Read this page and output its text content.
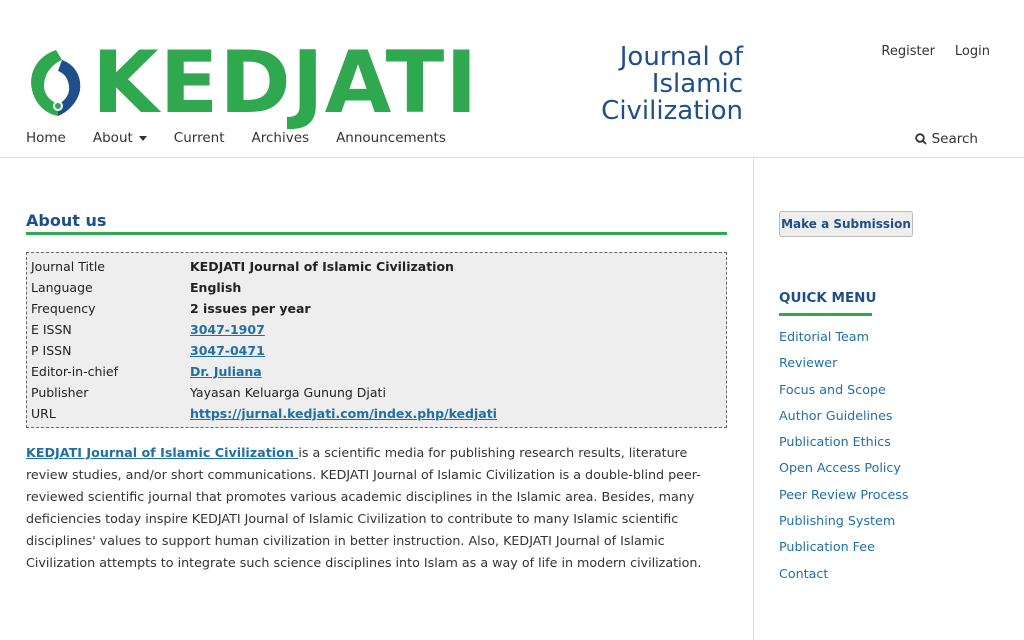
KEDJATI	Journal of
Islamic
Civilization
Register Login
Home About	Current Archives Announcements	Search
About us
Journal Title	KEDJATI Journal of Islamic Civilization
Language	English
Frequency	2 issues per year
E ISSN	3047-1907
P ISSN	3047-0471
Editor-in-chief	Dr. Juliana
Publisher	Yayasan Keluarga Gunung Djati
URL	https://jurnal.kedjati.com/index.php/kedjati

KEDJATI Journal of Islamic Civilization is a scientific media for publishing research results, literature review studies, and/or short communications. KEDJATI Journal of Islamic Civilization is a double-blind peer-reviewed scientific journal that promotes various academic disciplines in the Islamic area. Besides, many deficiencies today inspire KEDJATI Journal of Islamic Civilization to contribute to many Islamic scientific disciplines' values to support human civilization in better instruction. Also, KEDJATI Journal of Islamic Civilization attempts to integrate such science disciplines into Islam as a way of life in modern civilization.

Make a Submission
QUICK MENU
Editorial Team
Reviewer
Focus and Scope
Author Guidelines
Publication Ethics
Open Access Policy
Peer Review Process
Publishing System
Publication Fee
Contact
